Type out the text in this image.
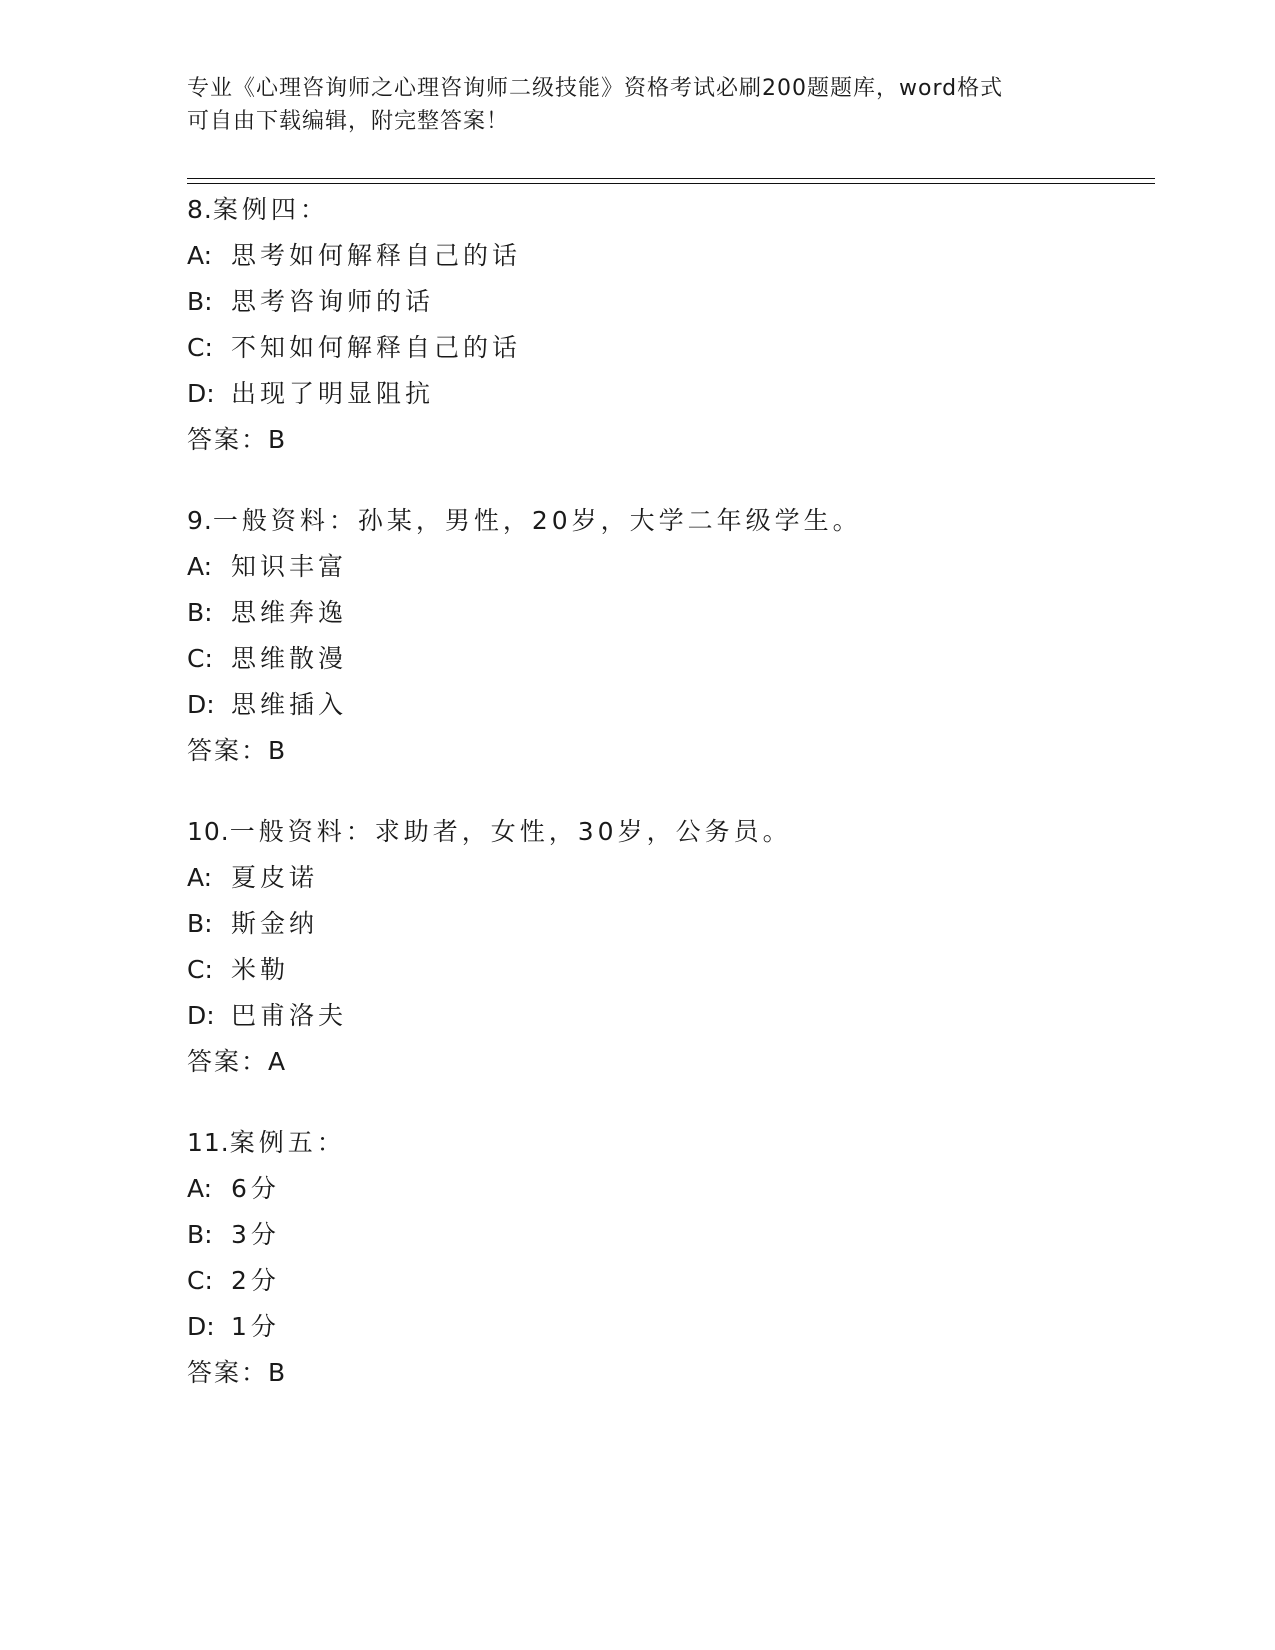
专业《心理咨询师之心理咨询师二级技能》资格考试必刷200题题库，word格式
可自由下载编辑，附完整答案！
8.案例四：
A: 思考如何解释自己的话
B: 思考咨询师的话
C: 不知如何解释自己的话
D: 出现了明显阻抗
答案：B
9.一般资料：孙某，男性，20岁，大学二年级学生。
A: 知识丰富
B: 思维奔逸
C: 思维散漫
D: 思维插入
答案：B
10.一般资料：求助者，女性，30岁，公务员。
A: 夏皮诺
B: 斯金纳
C: 米勒
D: 巴甫洛夫
答案：A
11.案例五：
A: 6分
B: 3分
C: 2分
D: 1分
答案：B
